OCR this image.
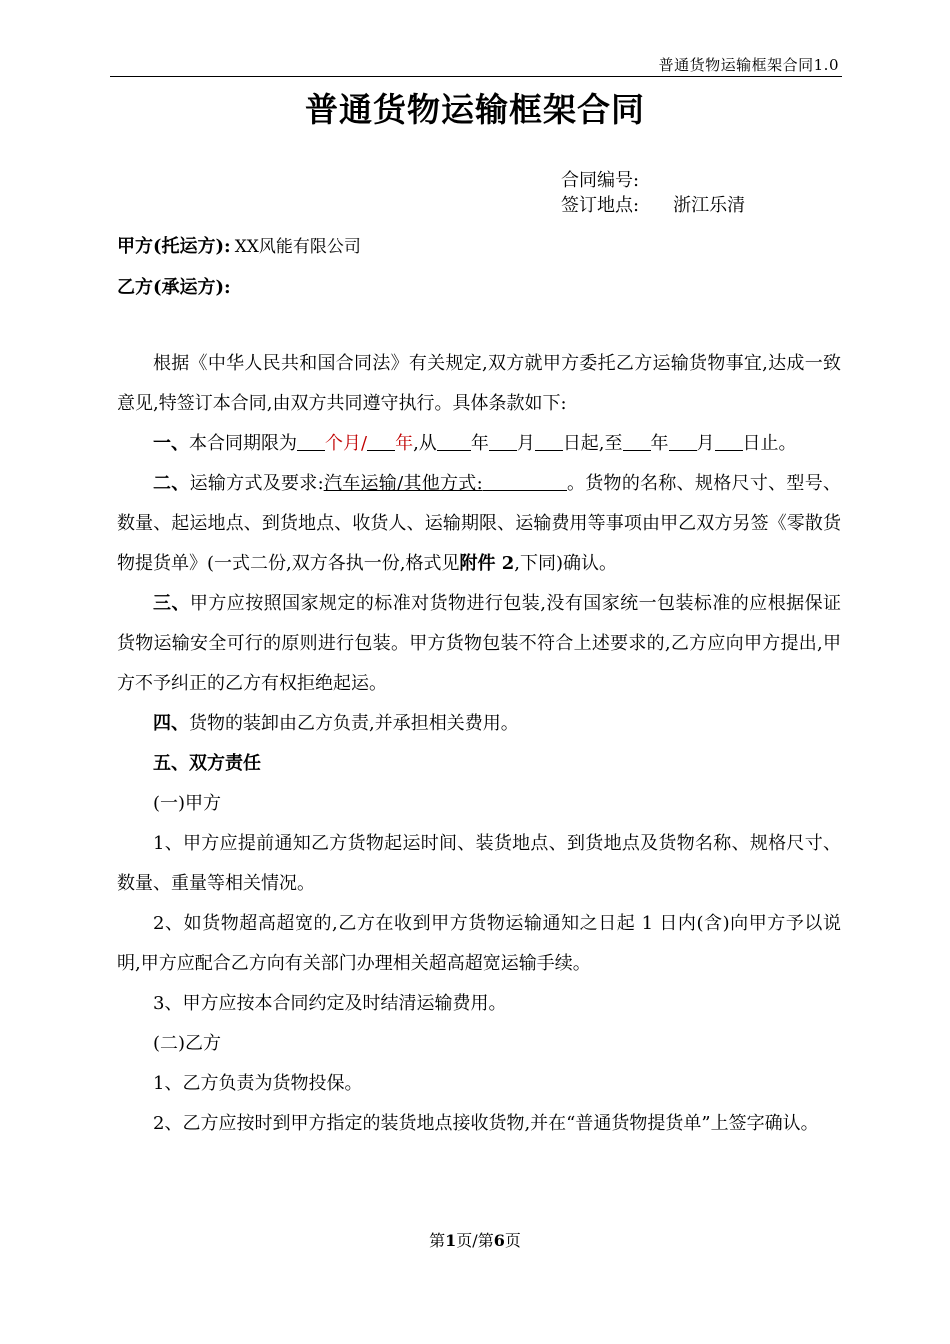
普通货物运输框架合同1.0
普通货物运输框架合同
合同编号:
签订地点: 浙江乐清
甲方(托运方): XX风能有限公司
乙方(承运方):

根据《中华人民共和国合同法》有关规定,双方就甲方委托乙方运输货物事宜,达成一致意见,特签订本合同,由双方共同遵守执行。具体条款如下:

一、本合同期限为 个月/ 年,从 年 月 日起,至 年 月 日止。

二、运输方式及要求:汽车运输/其他方式:	。货物的名称、规格尺寸、型号、数量、起运地点、到货地点、收货人、运输期限、运输费用等事项由甲乙双方另签《零散货物提货单》(一式二份,双方各执一份,格式见附件 2,下同)确认。

三、甲方应按照国家规定的标准对货物进行包装,没有国家统一包装标准的应根据保证货物运输安全可行的原则进行包装。甲方货物包装不符合上述要求的,乙方应向甲方提出,甲方不予纠正的乙方有权拒绝起运。

四、货物的装卸由乙方负责,并承担相关费用。

五、双方责任

(一)甲方

1、甲方应提前通知乙方货物起运时间、装货地点、到货地点及货物名称、规格尺寸、数量、重量等相关情况。

2、如货物超高超宽的,乙方在收到甲方货物运输通知之日起 1 日内(含)向甲方予以说明,甲方应配合乙方向有关部门办理相关超高超宽运输手续。

3、甲方应按本合同约定及时结清运输费用。

(二)乙方

1、乙方负责为货物投保。

2、乙方应按时到甲方指定的装货地点接收货物,并在“普通货物提货单”上签字确认。

第1页/第6页
